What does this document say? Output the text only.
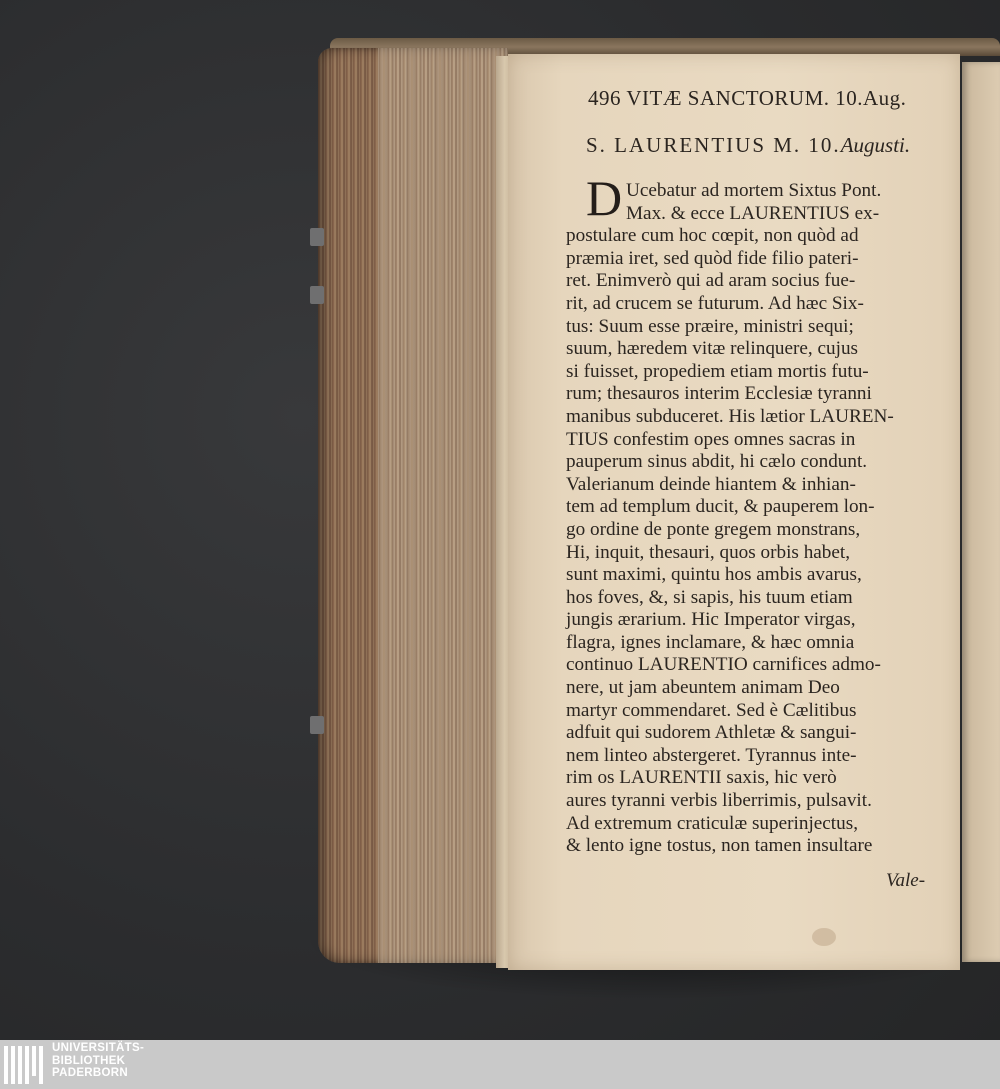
496 VITÆ SANCTORUM. 10.Aug.
S. LAURENTIUS M. 10.Augusti.
D Ucebatur ad mortem Sixtus Pont.
Max. & ecce LAURENTIUS ex-
postulare cum hoc cœpit, non quòd ad
præmia iret, sed quòd fide filio pateri-
ret. Enimverò qui ad aram socius fue-
rit, ad crucem se futurum. Ad hæc Six-
tus: Suum esse præire, ministri sequi;
suum, hæredem vitæ relinquere, cujus
si fuisset, propediem etiam mortis futu-
rum; thesauros interim Ecclesiæ tyranni
manibus subduceret. His lætior LAUREN-
TIUS confestim opes omnes sacras in
pauperum sinus abdit, hi cælo condunt.
Valerianum deinde hiantem & inhian-
tem ad templum ducit, & pauperem lon-
go ordine de ponte gregem monstrans,
Hi, inquit, thesauri, quos orbis habet,
sunt maximi, quintu hos ambis avarus,
hos foves, &, si sapis, his tuum etiam
jungis ærarium. Hic Imperator virgas,
flagra, ignes inclamare, & hæc omnia
continuo LAURENTIO carnifices admo-
nere, ut jam abeuntem animam Deo
martyr commendaret. Sed è Cælitibus
adfuit qui sudorem Athletæ & sangui-
nem linteo abstergeret. Tyrannus inte-
rim os LAURENTII saxis, hic verò
aures tyranni verbis liberrimis, pulsavit.
Ad extremum craticulæ superinjectus,
& lento igne tostus, non tamen insultare
Vale-
UNIVERSITÄTS-
BIBLIOTHEK
PADERBORN
